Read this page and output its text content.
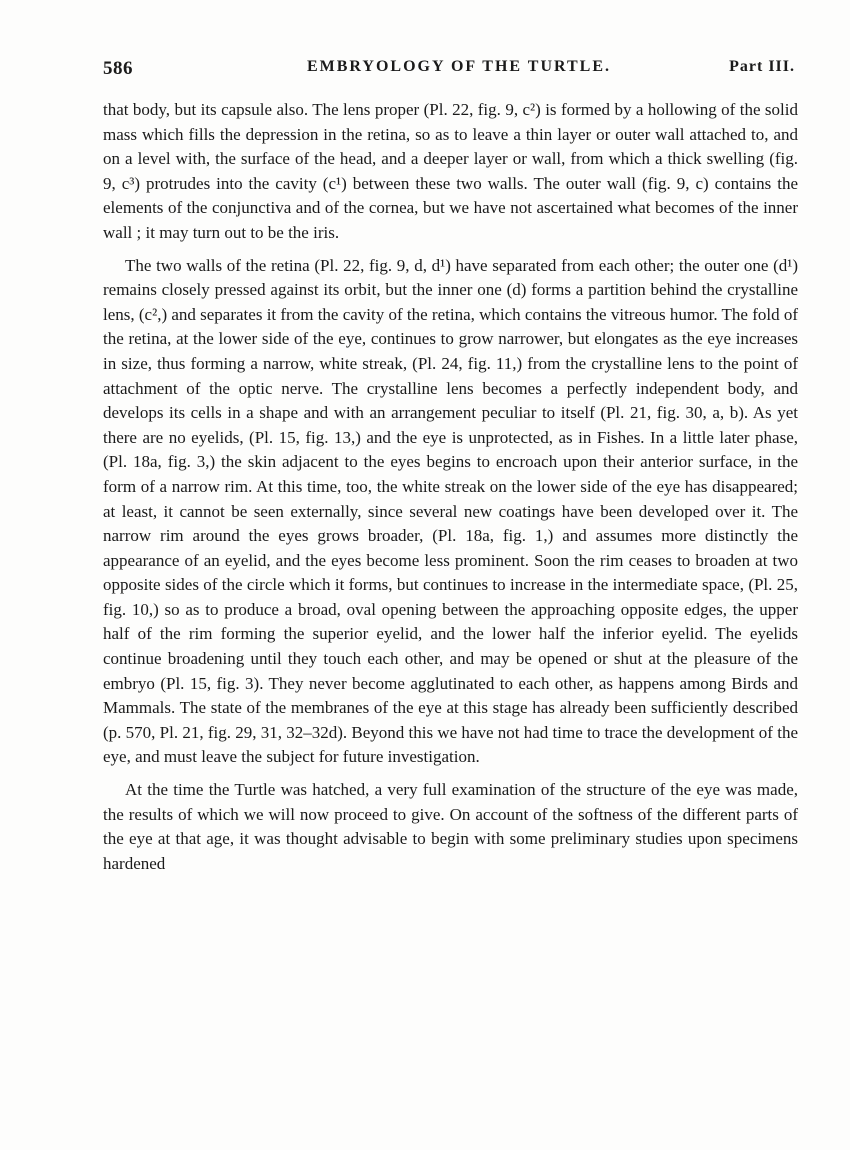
586	EMBRYOLOGY OF THE TURTLE.	Part III.

that body, but its capsule also. The lens proper (Pl. 22, fig. 9, c²) is formed by a hollowing of the solid mass which fills the depression in the retina, so as to leave a thin layer or outer wall attached to, and on a level with, the surface of the head, and a deeper layer or wall, from which a thick swelling (fig. 9, c³) protrudes into the cavity (c¹) between these two walls. The outer wall (fig. 9, c) contains the elements of the conjunctiva and of the cornea, but we have not ascertained what becomes of the inner wall ; it may turn out to be the iris.

The two walls of the retina (Pl. 22, fig. 9, d, d¹) have separated from each other; the outer one (d¹) remains closely pressed against its orbit, but the inner one (d) forms a partition behind the crystalline lens, (c²,) and separates it from the cavity of the retina, which contains the vitreous humor. The fold of the retina, at the lower side of the eye, continues to grow narrower, but elongates as the eye increases in size, thus forming a narrow, white streak, (Pl. 24, fig. 11,) from the crystalline lens to the point of attachment of the optic nerve. The crystalline lens becomes a perfectly independent body, and develops its cells in a shape and with an arrangement peculiar to itself (Pl. 21, fig. 30, a, b). As yet there are no eyelids, (Pl. 15, fig. 13,) and the eye is unprotected, as in Fishes. In a little later phase, (Pl. 18a, fig. 3,) the skin adjacent to the eyes begins to encroach upon their anterior surface, in the form of a narrow rim. At this time, too, the white streak on the lower side of the eye has disappeared; at least, it cannot be seen externally, since several new coatings have been developed over it. The narrow rim around the eyes grows broader, (Pl. 18a, fig. 1,) and assumes more distinctly the appearance of an eyelid, and the eyes become less prominent. Soon the rim ceases to broaden at two opposite sides of the circle which it forms, but continues to increase in the intermediate space, (Pl. 25, fig. 10,) so as to produce a broad, oval opening between the approaching opposite edges, the upper half of the rim forming the superior eyelid, and the lower half the inferior eyelid. The eyelids continue broadening until they touch each other, and may be opened or shut at the pleasure of the embryo (Pl. 15, fig. 3). They never become agglutinated to each other, as happens among Birds and Mammals. The state of the membranes of the eye at this stage has already been sufficiently described (p. 570, Pl. 21, fig. 29, 31, 32–32d). Beyond this we have not had time to trace the development of the eye, and must leave the subject for future investigation.

At the time the Turtle was hatched, a very full examination of the structure of the eye was made, the results of which we will now proceed to give. On account of the softness of the different parts of the eye at that age, it was thought advisable to begin with some preliminary studies upon specimens hardened
